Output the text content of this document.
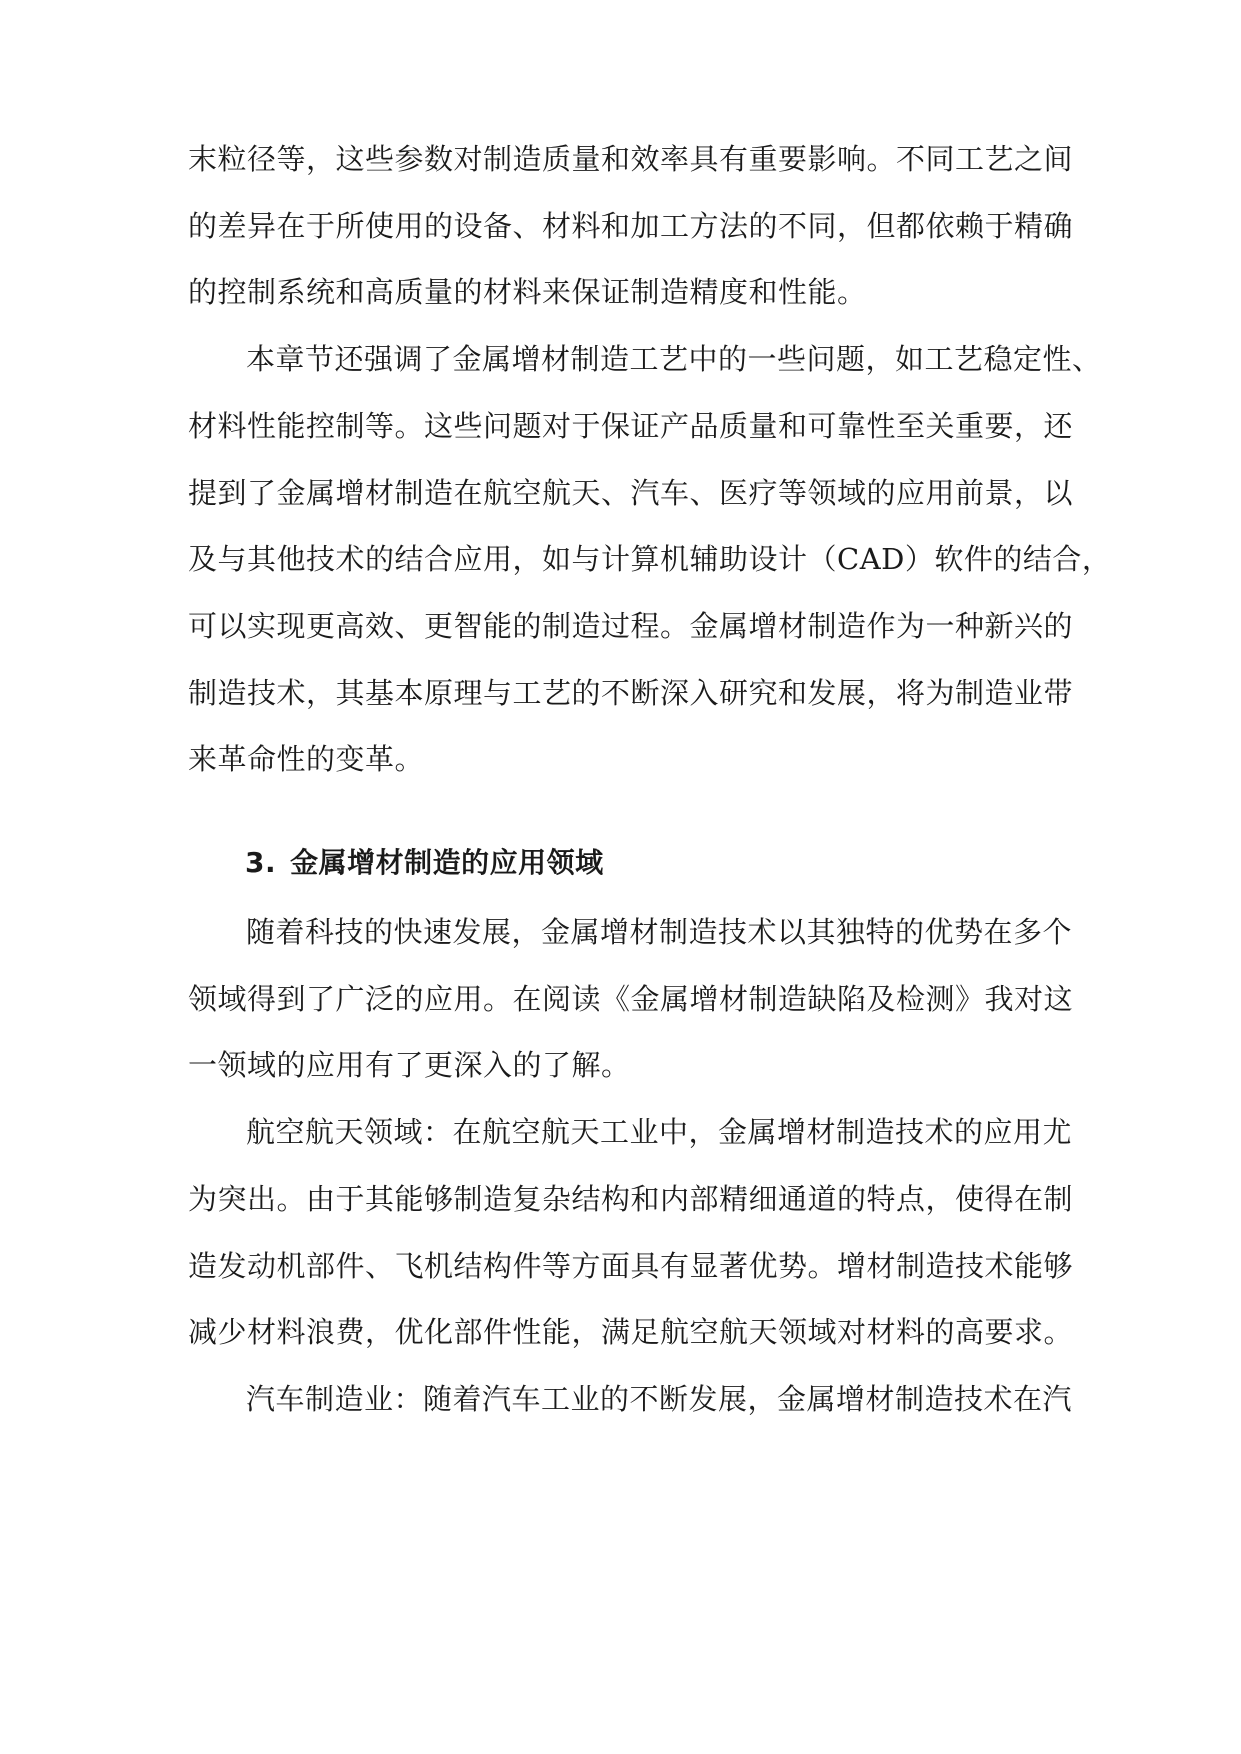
末粒径等，这些参数对制造质量和效率具有重要影响。不同工艺之间
的差异在于所使用的设备、材料和加工方法的不同，但都依赖于精确
的控制系统和高质量的材料来保证制造精度和性能。
本章节还强调了金属增材制造工艺中的一些问题，如工艺稳定性、
材料性能控制等。这些问题对于保证产品质量和可靠性至关重要，还
提到了金属增材制造在航空航天、汽车、医疗等领域的应用前景，以
及与其他技术的结合应用，如与计算机辅助设计（CAD）软件的结合，
可以实现更高效、更智能的制造过程。金属增材制造作为一种新兴的
制造技术，其基本原理与工艺的不断深入研究和发展，将为制造业带
来革命性的变革。
3. 金属增材制造的应用领域
随着科技的快速发展，金属增材制造技术以其独特的优势在多个
领域得到了广泛的应用。在阅读《金属增材制造缺陷及检测》我对这
一领域的应用有了更深入的了解。
航空航天领域：在航空航天工业中，金属增材制造技术的应用尤
为突出。由于其能够制造复杂结构和内部精细通道的特点，使得在制
造发动机部件、飞机结构件等方面具有显著优势。增材制造技术能够
减少材料浪费，优化部件性能，满足航空航天领域对材料的高要求。
汽车制造业：随着汽车工业的不断发展，金属增材制造技术在汽
